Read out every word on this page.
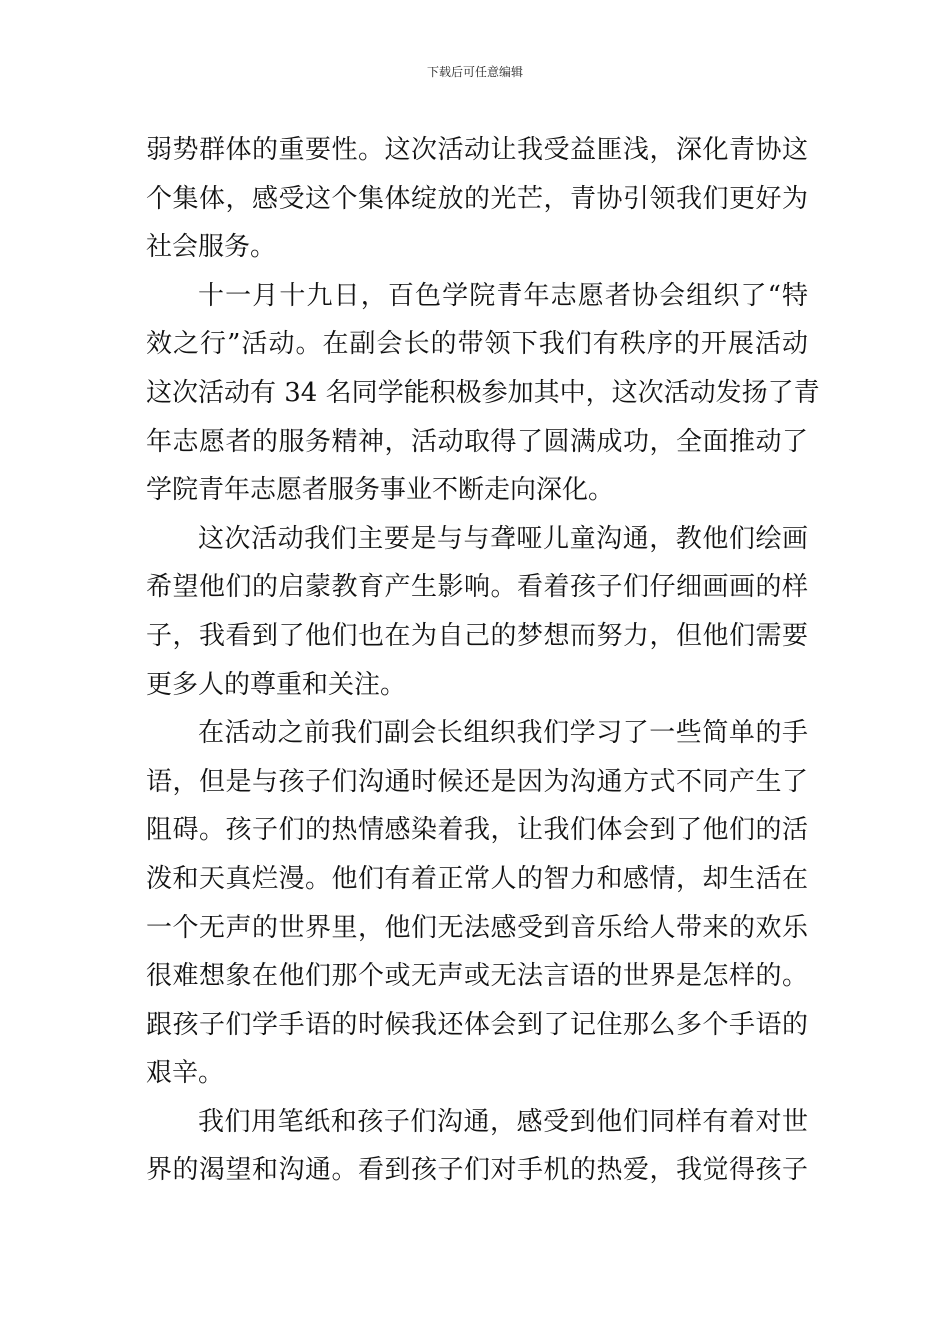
下载后可任意编辑
弱势群体的重要性。这次活动让我受益匪浅，深化青协这
个集体，感受这个集体绽放的光芒，青协引领我们更好为
社会服务。
十一月十九日，百色学院青年志愿者协会组织了“特
效之行”活动。在副会长的带领下我们有秩序的开展活动
这次活动有 34 名同学能积极参加其中，这次活动发扬了青
年志愿者的服务精神，活动取得了圆满成功，全面推动了
学院青年志愿者服务事业不断走向深化。
这次活动我们主要是与与聋哑儿童沟通，教他们绘画
希望他们的启蒙教育产生影响。看着孩子们仔细画画的样
子，我看到了他们也在为自己的梦想而努力，但他们需要
更多人的尊重和关注。
在活动之前我们副会长组织我们学习了一些简单的手
语，但是与孩子们沟通时候还是因为沟通方式不同产生了
阻碍。孩子们的热情感染着我，让我们体会到了他们的活
泼和天真烂漫。他们有着正常人的智力和感情，却生活在
一个无声的世界里，他们无法感受到音乐给人带来的欢乐
很难想象在他们那个或无声或无法言语的世界是怎样的。
跟孩子们学手语的时候我还体会到了记住那么多个手语的
艰辛。
我们用笔纸和孩子们沟通，感受到他们同样有着对世
界的渴望和沟通。看到孩子们对手机的热爱，我觉得孩子
